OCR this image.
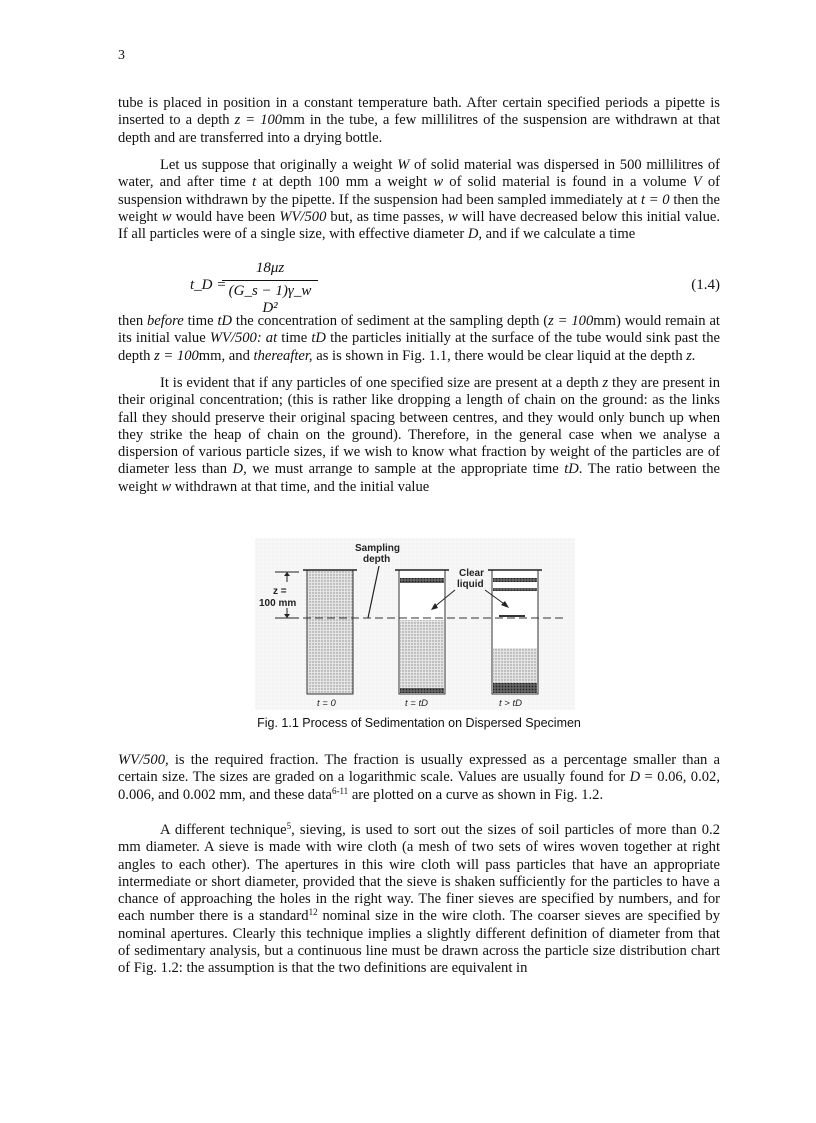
3

tube is placed in position in a constant temperature bath. After certain specified periods a pipette is inserted to a depth z = 100mm in the tube, a few millilitres of the suspension are withdrawn at that depth and are transferred into a drying bottle.

Let us suppose that originally a weight W of solid material was dispersed in 500 millilitres of water, and after time t at depth 100 mm a weight w of solid material is found in a volume V of suspension withdrawn by the pipette. If the suspension had been sampled immediately at t = 0 then the weight w would have been WV/500 but, as time passes, w will have decreased below this initial value. If all particles were of a single size, with effective diameter D, and if we calculate a time

t_D =
18μz
(G_s − 1)γ_w D²
(1.4)

then before time tD the concentration of sediment at the sampling depth (z = 100mm) would remain at its initial value WV/500: at time tD the particles initially at the surface of the tube would sink past the depth z = 100mm, and thereafter, as is shown in Fig. 1.1, there would be clear liquid at the depth z.

It is evident that if any particles of one specified size are present at a depth z they are present in their original concentration; (this is rather like dropping a length of chain on the ground: as the links fall they should preserve their original spacing between centres, and they would only bunch up when they strike the heap of chain on the ground). Therefore, in the general case when we analyse a dispersion of various particle sizes, if we wish to know what fraction by weight of the particles are of diameter less than D, we must arrange to sample at the appropriate time tD. The ratio between the weight w withdrawn at that time, and the initial value

z =
100 mm
Sampling
depth
Clear
liquid
t = 0	t = tD	t > tD
Fig. 1.1 Process of Sedimentation on Dispersed Specimen

WV/500, is the required fraction. The fraction is usually expressed as a percentage smaller than a certain size. The sizes are graded on a logarithmic scale. Values are usually found for D = 0.06, 0.02, 0.006, and 0.002 mm, and these data$^{6-11}$ are plotted on a curve as shown in Fig. 1.2.

A different technique$^5$, sieving, is used to sort out the sizes of soil particles of more than 0.2 mm diameter. A sieve is made with wire cloth (a mesh of two sets of wires woven together at right angles to each other). The apertures in this wire cloth will pass particles that have an appropriate intermediate or short diameter, provided that the sieve is shaken sufficiently for the particles to have a chance of approaching the holes in the right way. The finer sieves are specified by numbers, and for each number there is a standard$^{12}$ nominal size in the wire cloth. The coarser sieves are specified by nominal apertures. Clearly this technique implies a slightly different definition of diameter from that of sedimentary analysis, but a continuous line must be drawn across the particle size distribution chart of Fig. 1.2: the assumption is that the two definitions are equivalent in
